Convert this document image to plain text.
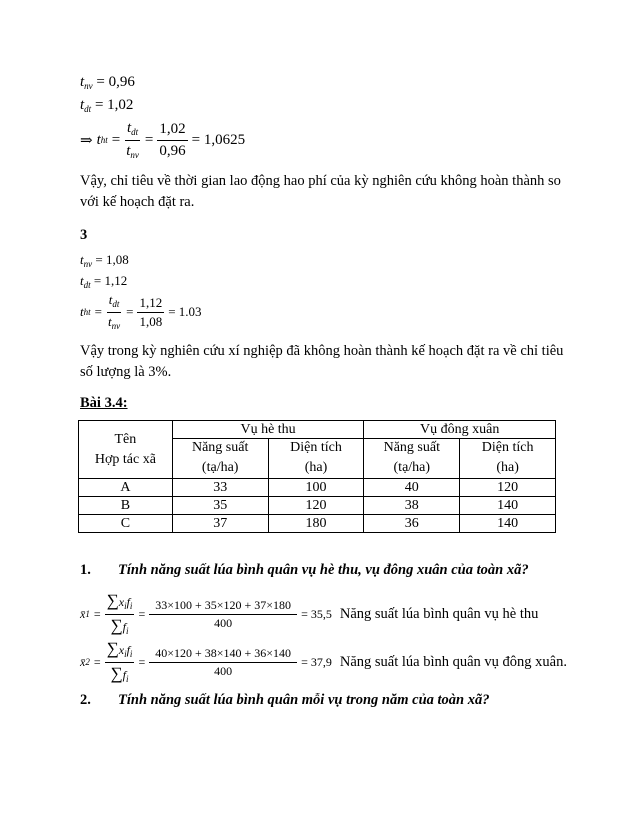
$t_{nv} = 0,96$
$t_{dt} = 1,02$
⇒ t ht = $\frac{t_{dt}}{t_{nv}} = \frac{1,02}{0,96} = 1,0625$
Vậy, chỉ tiêu về thời gian lao động hao phí của kỳ nghiên cứu không hoàn thành so
với kế hoạch đặt ra.
3
$t_{nv} = 1,08$
$t_{dt} = 1,12$
t ht = $\frac{t_{dt}}{t_{nv}} = \frac{1,12}{1,08} = 1.03$
Vậy trong kỳ nghiên cứu xí nghiệp đã không hoàn thành kế hoạch đặt ra về chỉ tiêu
số lượng là 3%.
Bài 3.4:
Tên
Hợp tác xã	Vụ hè thu		Vụ đông xuân	
	Năng suất	Diện tích	Năng suất	Diện tích
	(tạ/ha)	(ha)	(tạ/ha)	(ha)
A	33	100	40	120
B	35	120	38	140
C	37	180	36	140
1. Tính năng suất lúa bình quân vụ hè thu, vụ đông xuân của toàn xã?
x̄ $1 = \frac{\sum x_if_i}{\sum f_i} = \frac{33\times 100 + 35\times 120 + 37\times 180}{400} = 35,5$ Năng suất lúa bình quân vụ hè thu
x̄ $2 = \frac{\sum x_if_i}{\sum f_i} = \frac{40\times 120 + 38\times 140 + 36\times 140}{400} = 37,9$ Năng suất lúa bình quân vụ đông xuân.
2. Tính năng suất lúa bình quân mỗi vụ trong năm của toàn xã?
